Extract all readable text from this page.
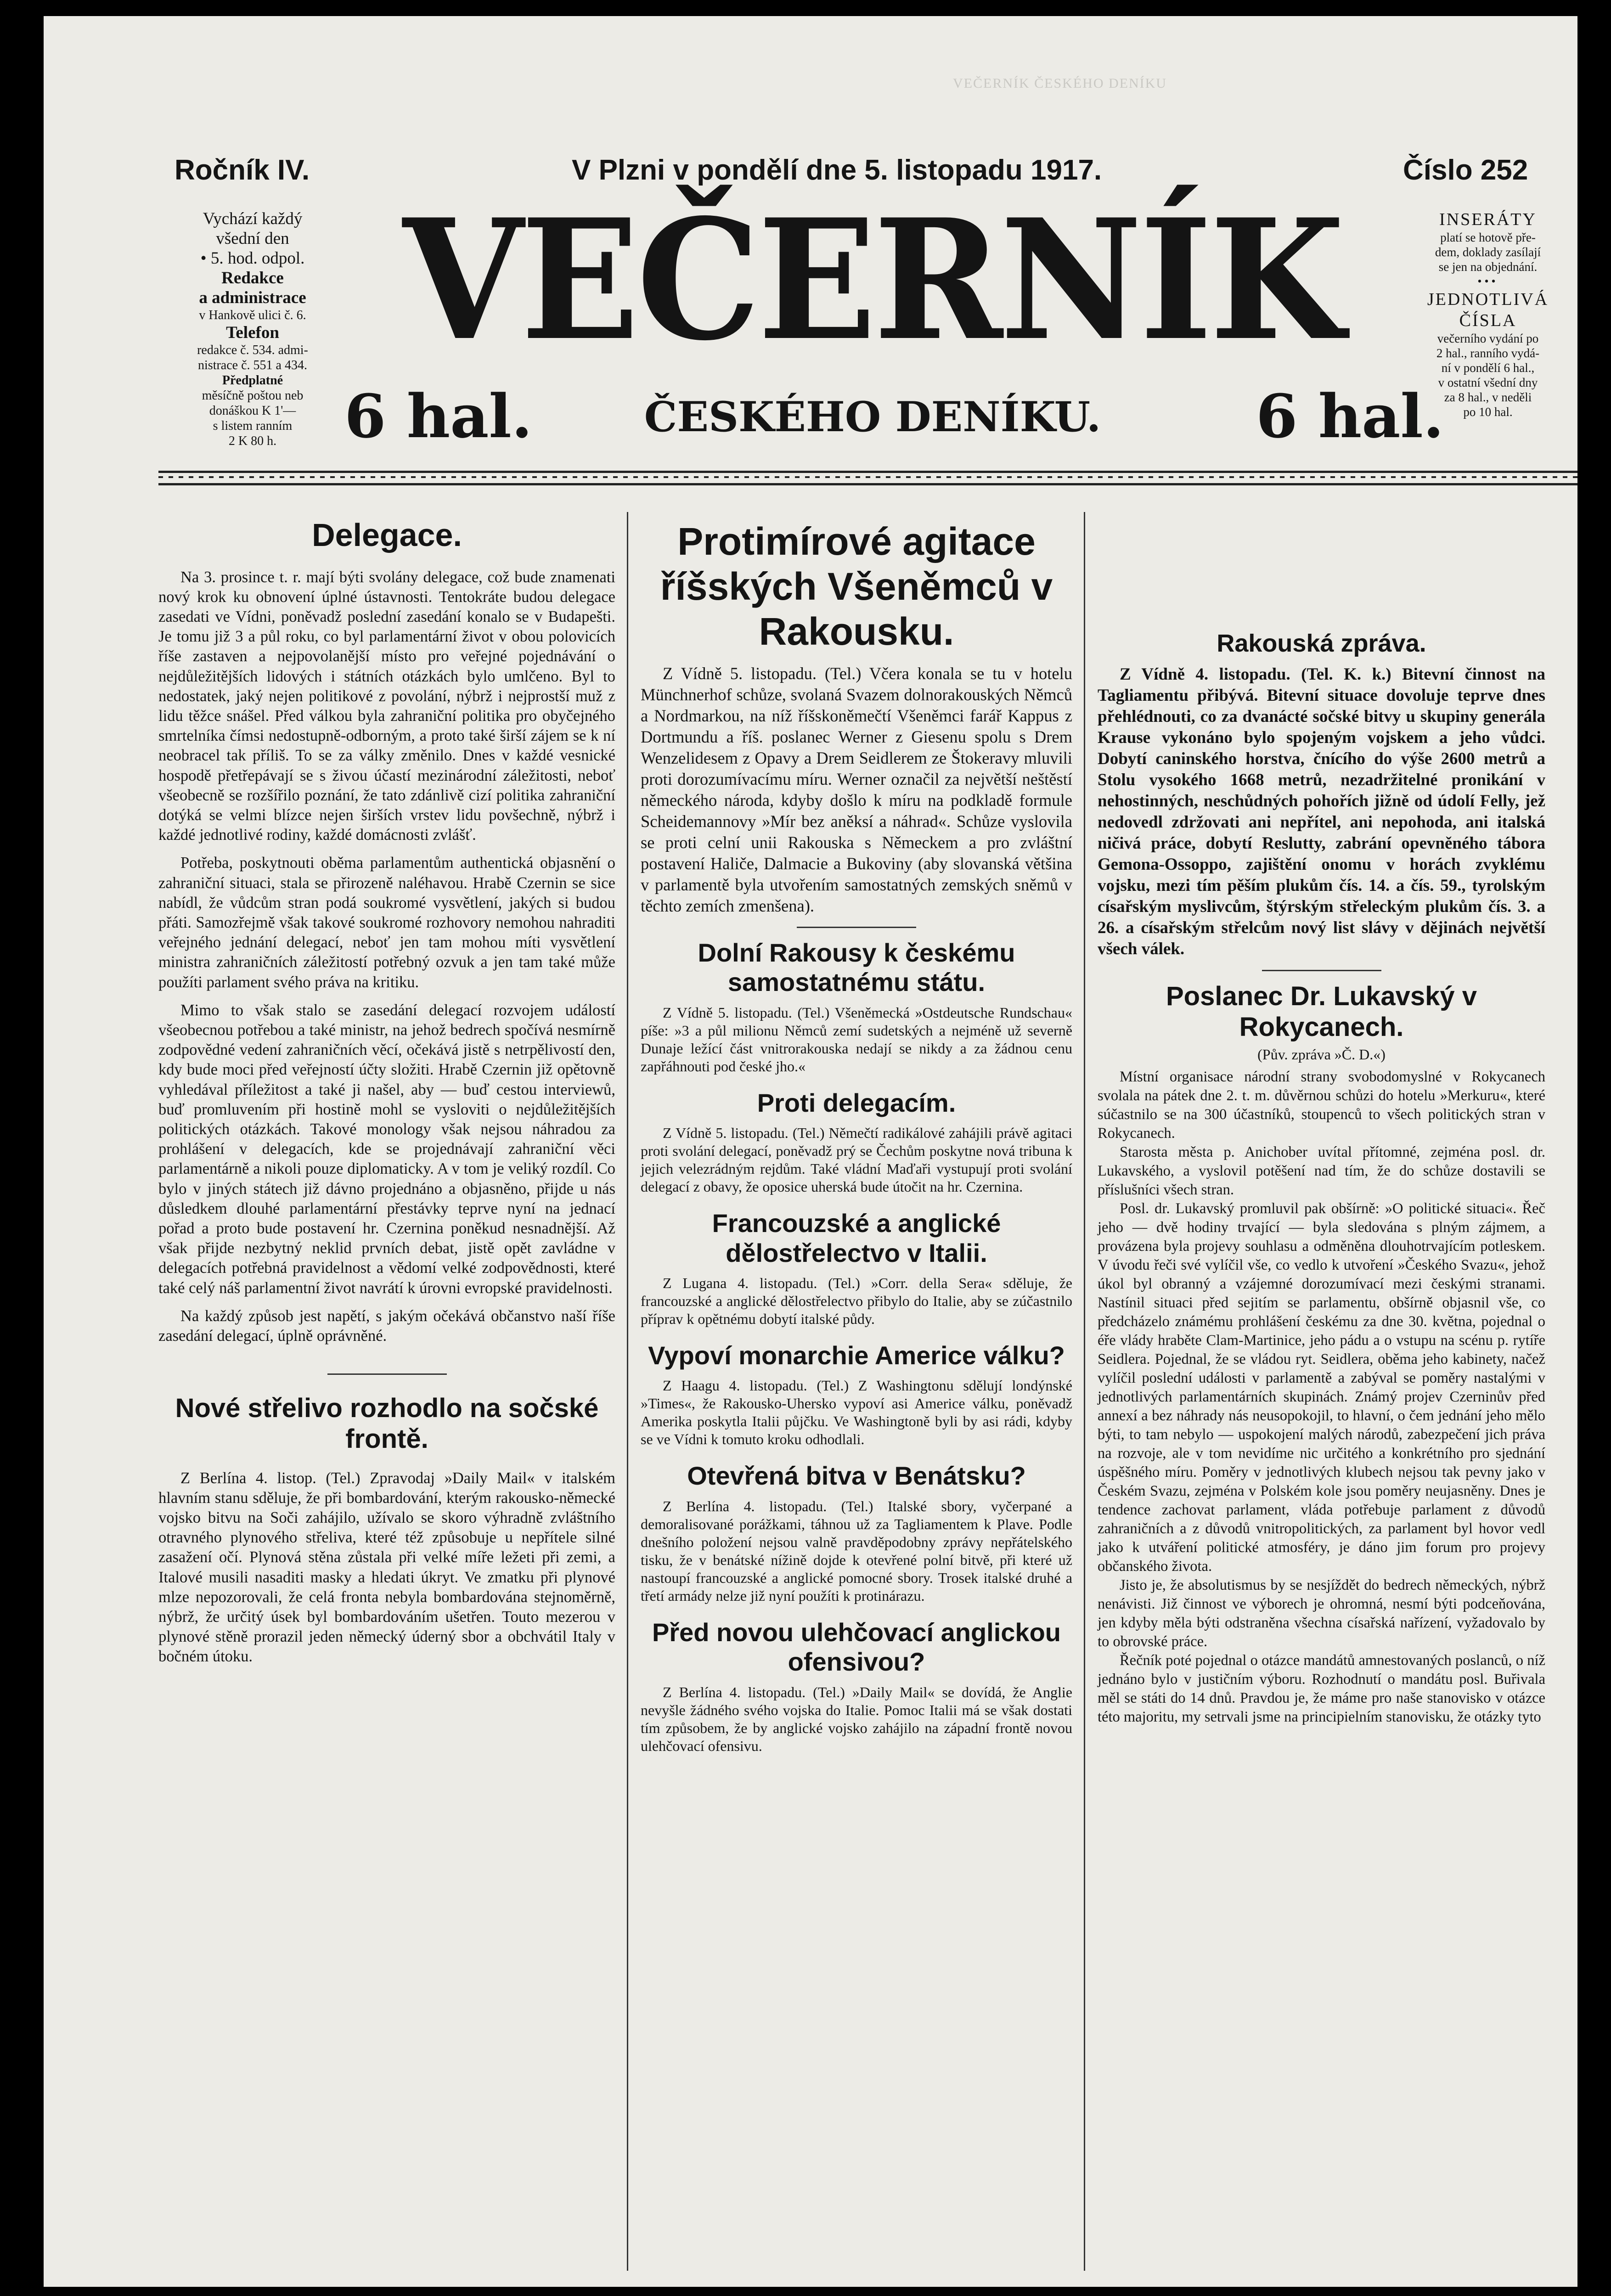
VEČERNÍK ČESKÉHO DENÍKU
Ročník IV.	V Plzni v pondělí dne 5. listopadu 1917.	Číslo 252
Vychází každý
všední den
• 5. hod. odpol.
Redakce
a administrace
v Hankově ulici č. 6.
Telefon
redakce č. 534. admi-
nistrace č. 551 a 434.
Předplatné
měsíčně poštou neb
donáškou K 1'—
s listem ranním
2 K 80 h.
VEČERNÍK
6 hal.	ČESKÉHO DENÍKU.	6 hal.
INSERÁTY
platí se hotově pře-
dem, doklady zasílají
se jen na objednání.
•••
JEDNOTLIVÁ
ČÍSLA
večerního vydání po
2 hal., ranního vydá-
ní v pondělí 6 hal.,
v ostatní všední dny
za 8 hal., v neděli
po 10 hal.
Delegace.

Na 3. prosince t. r. mají býti svolány delegace, což bude znamenati nový krok ku obnovení úplné ústavnosti. Tentokráte budou delegace zasedati ve Vídni, poněvadž poslední zasedání konalo se v Budapešti. Je tomu již 3 a půl roku, co byl parlamentární život v obou polovicích říše zastaven a nejpovolanější místo pro veřejné pojednávání o nejdůležitějších lidových i státních otázkách bylo umlčeno. Byl to nedostatek, jaký nejen politikové z povolání, nýbrž i nejprostší muž z lidu těžce snášel. Před válkou byla zahraniční politika pro obyčejného smrtelníka čímsi nedostupně-odborným, a proto také širší zájem se k ní neobracel tak příliš. To se za války změnilo. Dnes v každé vesnické hospodě přetřepávají se s živou účastí mezinárodní záležitosti, neboť všeobecně se rozšířilo poznání, že tato zdánlivě cizí politika zahraniční dotýká se velmi blízce nejen širších vrstev lidu povšechně, nýbrž i každé jednotlivé rodiny, každé domácnosti zvlášť.

Potřeba, poskytnouti oběma parlamentům authentická objasnění o zahraniční situaci, stala se přirozeně naléhavou. Hrabě Czernin se sice nabídl, že vůdcům stran podá soukromé vysvětlení, jakých si budou přáti. Samozřejmě však takové soukromé rozhovory nemohou nahraditi veřejného jednání delegací, neboť jen tam mohou míti vysvětlení ministra zahraničních záležitostí potřebný ozvuk a jen tam také může použíti parlament svého práva na kritiku.

Mimo to však stalo se zasedání delegací rozvojem událostí všeobecnou potřebou a také ministr, na jehož bedrech spočívá nesmírně zodpovědné vedení zahraničních věcí, očekává jistě s netrpělivostí den, kdy bude moci před veřejností účty složiti. Hrabě Czernin již opětovně vyhledával příležitost a také ji našel, aby — buď cestou interviewů, buď promluvením při hostině mohl se vysloviti o nejdůležitějších politických otázkách. Takové monology však nejsou náhradou za prohlášení v delegacích, kde se projednávají zahraniční věci parlamentárně a nikoli pouze diplomaticky. A v tom je veliký rozdíl. Co bylo v jiných státech již dávno projednáno a objasněno, přijde u nás důsledkem dlouhé parlamentární přestávky teprve nyní na jednací pořad a proto bude postavení hr. Czernina poněkud nesnadnější. Až však přijde nezbytný neklid prvních debat, jistě opět zavládne v delegacích potřebná pravidelnost a vědomí velké zodpovědnosti, které také celý náš parlamentní život navrátí k úrovni evropské pravidelnosti.

Na každý způsob jest napětí, s jakým očekává občanstvo naší říše zasedání delegací, úplně oprávněné.

Nové střelivo rozhodlo na sočské frontě.

Z Berlína 4. listop. (Tel.) Zpravodaj »Daily Mail« v italském hlavním stanu sděluje, že při bombardování, kterým rakousko-německé vojsko bitvu na Soči zahájilo, užívalo se skoro výhradně zvláštního otravného plynového střeliva, které též způsobuje u nepřítele silné zasažení očí. Plynová stěna zůstala při velké míře ležeti při zemi, a Italové musili nasaditi masky a hledati úkryt. Ve zmatku při plynové mlze nepozorovali, že celá fronta nebyla bombardována stejnoměrně, nýbrž, že určitý úsek byl bombardováním ušetřen. Touto mezerou v plynové stěně prorazil jeden německý úderný sbor a obchvátil Italy v bočném útoku.

Protimírové agitace říšských Všeněmců v Rakousku.

Z Vídně 5. listopadu. (Tel.) Včera konala se tu v hotelu Münchnerhof schůze, svolaná Svazem dolnorakouských Němců a Nordmarkou, na níž říšskoněmečtí Všeněmci farář Kappus z Dortmundu a říš. poslanec Werner z Giesenu spolu s Drem Wenzelidesem z Opavy a Drem Seidlerem ze Štokeravy mluvili proti dorozumívacímu míru. Werner označil za největší neštěstí německého národa, kdyby došlo k míru na podkladě formule Scheidemannovy »Mír bez aněksí a náhrad«. Schůze vyslovila se proti celní unii Rakouska s Německem a pro zvláštní postavení Haliče, Dalmacie a Bukoviny (aby slovanská většina v parlamentě byla utvořením samostatných zemských sněmů v těchto zemích zmenšena).

Dolní Rakousy k českému samostatnému státu.

Z Vídně 5. listopadu. (Tel.) Všeněmecká »Ostdeutsche Rundschau« píše: »3 a půl milionu Němců zemí sudetských a nejméně už severně Dunaje ležící část vnitrorakouska nedají se nikdy a za žádnou cenu zapřáhnouti pod české jho.«

Proti delegacím.

Z Vídně 5. listopadu. (Tel.) Němečtí radikálové zahájili právě agitaci proti svolání delegací, poněvadž prý se Čechům poskytne nová tribuna k jejich velezrádným rejdům. Také vládní Maďaři vystupují proti svolání delegací z obavy, že oposice uherská bude útočit na hr. Czernina.

Francouzské a anglické dělostřelectvo v Italii.

Z Lugana 4. listopadu. (Tel.) »Corr. della Sera« sděluje, že francouzské a anglické dělostřelectvo přibylo do Italie, aby se zúčastnilo příprav k opětnému dobytí italské půdy.

Vypoví monarchie Americe válku?

Z Haagu 4. listopadu. (Tel.) Z Washingtonu sdělují londýnské »Times«, že Rakousko-Uhersko vypoví asi Americe válku, poněvadž Amerika poskytla Italii půjčku. Ve Washingtoně byli by asi rádi, kdyby se ve Vídni k tomuto kroku odhodlali.

Otevřená bitva v Benátsku?

Z Berlína 4. listopadu. (Tel.) Italské sbory, vyčerpané a demoralisované porážkami, táhnou už za Tagliamentem k Plave. Podle dnešního položení nejsou valně pravděpodobny zprávy nepřátelského tisku, že v benátské nížině dojde k otevřené polní bitvě, při které už nastoupí francouzské a anglické pomocné sbory. Trosek italské druhé a třetí armády nelze již nyní použíti k protinárazu.

Před novou ulehčovací anglickou ofensivou?

Z Berlína 4. listopadu. (Tel.) »Daily Mail« se dovídá, že Anglie nevyšle žádného svého vojska do Italie. Pomoc Italii má se však dostati tím způsobem, že by anglické vojsko zahájilo na západní frontě novou ulehčovací ofensivu.

Rakouská zpráva.

Z Vídně 4. listopadu. (Tel. K. k.) Bitevní činnost na Tagliamentu přibývá. Bitevní situace dovoluje teprve dnes přehlédnouti, co za dvanácté sočské bitvy u skupiny generála Krause vykonáno bylo spojeným vojskem a jeho vůdci. Dobytí caninského horstva, čnícího do výše 2600 metrů a Stolu vysokého 1668 metrů, nezadržitelné pronikání v nehostinných, neschůdných pohořích jižně od údolí Felly, jež nedovedl zdržovati ani nepřítel, ani nepohoda, ani italská ničivá práce, dobytí Reslutty, zabrání opevněného tábora Gemona-Ossoppo, zajištění onomu v horách zvyklému vojsku, mezi tím pěším plukům čís. 14. a čís. 59., tyrolským císařským myslivcům, štýrským střeleckým plukům čís. 3. a 26. a císařským střelcům nový list slávy v dějinách největší všech válek.

Poslanec Dr. Lukavský v Rokycanech.
(Pův. zpráva »Č. D.«)

Místní organisace národní strany svobodomyslné v Rokycanech svolala na pátek dne 2. t. m. důvěrnou schůzi do hotelu »Merkuru«, které súčastnilo se na 300 účastníků, stoupenců to všech politických stran v Rokycanech.

Starosta města p. Anichober uvítal přítomné, zejména posl. dr. Lukavského, a vyslovil potěšení nad tím, že do schůze dostavili se příslušníci všech stran.

Posl. dr. Lukavský promluvil pak obšírně: »O politické situaci«. Řeč jeho — dvě hodiny trvající — byla sledována s plným zájmem, a provázena byla projevy souhlasu a odměněna dlouhotrvajícím potleskem. V úvodu řeči své vylíčil vše, co vedlo k utvoření »Českého Svazu«, jehož úkol byl obranný a vzájemné dorozumívací mezi českými stranami. Nastínil situaci před sejitím se parlamentu, obšírně objasnil vše, co předcházelo známému prohlášení českému za dne 30. května, pojednal o éře vlády hraběte Clam-Martinice, jeho pádu a o vstupu na scénu p. rytíře Seidlera. Pojednal, že se vládou ryt. Seidlera, oběma jeho kabinety, načež vylíčil poslední události v parlamentě a zabýval se poměry nastalými v jednotlivých parlamentárních skupinách. Známý projev Czerninův před annexí a bez náhrady nás neusopokojil, to hlavní, o čem jednání jeho mělo býti, to tam nebylo — uspokojení malých národů, zabezpečení jich práva na rozvoje, ale v tom nevidíme nic určitého a konkrétního pro sjednání úspěšného míru. Poměry v jednotlivých klubech nejsou tak pevny jako v Českém Svazu, zejména v Polském kole jsou poměry neujasněny. Dnes je tendence zachovat parlament, vláda potřebuje parlament z důvodů zahraničních a z důvodů vnitropolitických, za parlament byl hovor vedl jako k utváření politické atmosféry, je dáno jim forum pro projevy občanského života.

Jisto je, že absolutismus by se nesjíždět do bedrech německých, nýbrž nenávisti. Již činnost ve výborech je ohromná, nesmí býti podceňována, jen kdyby měla býti odstraněna všechna císařská nařízení, vyžadovalo by to obrovské práce.

Řečník poté pojednal o otázce mandátů amnestovaných poslanců, o níž jednáno bylo v justičním výboru. Rozhodnutí o mandátu posl. Buřivala měl se státi do 14 dnů. Pravdou je, že máme pro naše stanovisko v otázce této majoritu, my setrvali jsme na principielním stanovisku, že otázky tyto
